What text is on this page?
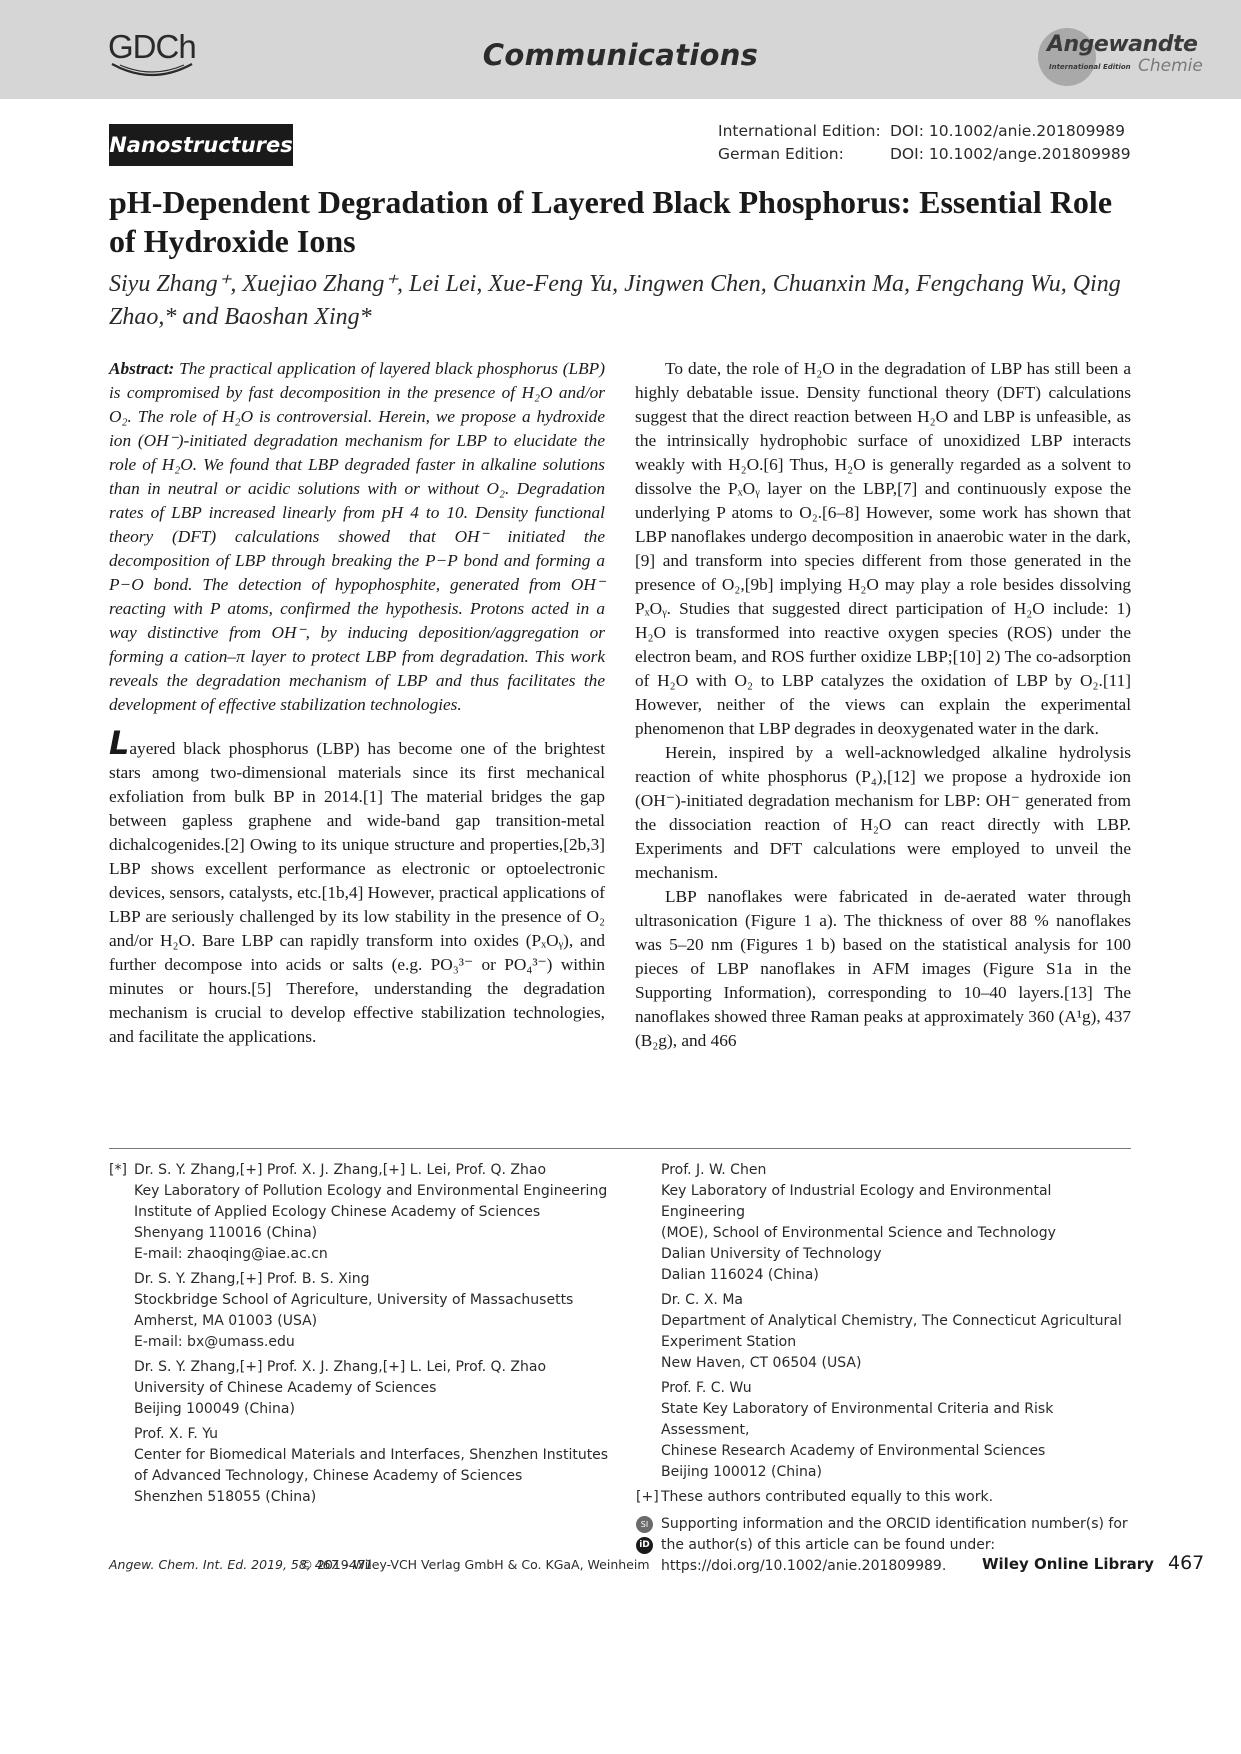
GDCh	Communications	Angewandte
International Edition Chemie
Nanostructures
International Edition: DOI: 10.1002/anie.201809989
German Edition:	DOI: 10.1002/ange.201809989
pH-Dependent Degradation of Layered Black Phosphorus: Essential Role of Hydroxide Ions
Siyu Zhang⁺, Xuejiao Zhang⁺, Lei Lei, Xue-Feng Yu, Jingwen Chen, Chuanxin Ma, Fengchang Wu, Qing Zhao,* and Baoshan Xing*

Abstract: The practical application of layered black phosphorus (LBP) is compromised by fast decomposition in the presence of H₂O and/or O₂. The role of H₂O is controversial. Herein, we propose a hydroxide ion (OH⁻)-initiated degradation mechanism for LBP to elucidate the role of H₂O. We found that LBP degraded faster in alkaline solutions than in neutral or acidic solutions with or without O₂. Degradation rates of LBP increased linearly from pH 4 to 10. Density functional theory (DFT) calculations showed that OH⁻ initiated the decomposition of LBP through breaking the P−P bond and forming a P−O bond. The detection of hypophosphite, generated from OH⁻ reacting with P atoms, confirmed the hypothesis. Protons acted in a way distinctive from OH⁻, by inducing deposition/aggregation or forming a cation–π layer to protect LBP from degradation. This work reveals the degradation mechanism of LBP and thus facilitates the development of effective stabilization technologies.

Layered black phosphorus (LBP) has become one of the brightest stars among two-dimensional materials since its first mechanical exfoliation from bulk BP in 2014.[1] The material bridges the gap between gapless graphene and wide-band gap transition-metal dichalcogenides.[2] Owing to its unique structure and properties,[2b,3] LBP shows excellent performance as electronic or optoelectronic devices, sensors, catalysts, etc.[1b,4] However, practical applications of LBP are seriously challenged by its low stability in the presence of O₂ and/or H₂O. Bare LBP can rapidly transform into oxides (PₓOᵧ), and further decompose into acids or salts (e.g. PO₃³⁻ or PO₄³⁻) within minutes or hours.[5] Therefore, understanding the degradation mechanism is crucial to develop effective stabilization technologies, and facilitate the applications.

To date, the role of H₂O in the degradation of LBP has still been a highly debatable issue. Density functional theory (DFT) calculations suggest that the direct reaction between H₂O and LBP is unfeasible, as the intrinsically hydrophobic surface of unoxidized LBP interacts weakly with H₂O.[6] Thus, H₂O is generally regarded as a solvent to dissolve the PₓOᵧ layer on the LBP,[7] and continuously expose the underlying P atoms to O₂.[6–8] However, some work has shown that LBP nanoflakes undergo decomposition in anaerobic water in the dark,[9] and transform into species different from those generated in the presence of O₂,[9b] implying H₂O may play a role besides dissolving PₓOᵧ. Studies that suggested direct participation of H₂O include: 1) H₂O is transformed into reactive oxygen species (ROS) under the electron beam, and ROS further oxidize LBP;[10] 2) The co-adsorption of H₂O with O₂ to LBP catalyzes the oxidation of LBP by O₂.[11] However, neither of the views can explain the experimental phenomenon that LBP degrades in deoxygenated water in the dark.

Herein, inspired by a well-acknowledged alkaline hydrolysis reaction of white phosphorus (P₄),[12] we propose a hydroxide ion (OH⁻)-initiated degradation mechanism for LBP: OH⁻ generated from the dissociation reaction of H₂O can react directly with LBP. Experiments and DFT calculations were employed to unveil the mechanism.

LBP nanoflakes were fabricated in de-aerated water through ultrasonication (Figure 1 a). The thickness of over 88 % nanoflakes was 5–20 nm (Figures 1 b) based on the statistical analysis for 100 pieces of LBP nanoflakes in AFM images (Figure S1a in the Supporting Information), corresponding to 10–40 layers.[13] The nanoflakes showed three Raman peaks at approximately 360 (A¹g), 437 (B₂g), and 466

[*] Dr. S. Y. Zhang,[+] Prof. X. J. Zhang,[+] L. Lei, Prof. Q. Zhao
Key Laboratory of Pollution Ecology and Environmental Engineering
Institute of Applied Ecology Chinese Academy of Sciences
Shenyang 110016 (China)
E-mail: zhaoqing@iae.ac.cn
Dr. S. Y. Zhang,[+] Prof. B. S. Xing
Stockbridge School of Agriculture, University of Massachusetts
Amherst, MA 01003 (USA)
E-mail: bx@umass.edu
Dr. S. Y. Zhang,[+] Prof. X. J. Zhang,[+] L. Lei, Prof. Q. Zhao
University of Chinese Academy of Sciences
Beijing 100049 (China)
Prof. X. F. Yu
Center for Biomedical Materials and Interfaces, Shenzhen Institutes
of Advanced Technology, Chinese Academy of Sciences
Shenzhen 518055 (China)
Prof. J. W. Chen
Key Laboratory of Industrial Ecology and Environmental Engineering
(MOE), School of Environmental Science and Technology
Dalian University of Technology
Dalian 116024 (China)
Dr. C. X. Ma
Department of Analytical Chemistry, The Connecticut Agricultural
Experiment Station
New Haven, CT 06504 (USA)
Prof. F. C. Wu
State Key Laboratory of Environmental Criteria and Risk Assessment,
Chinese Research Academy of Environmental Sciences
Beijing 100012 (China)
[+] These authors contributed equally to this work.
SI
iD
Supporting information and the ORCID identification number(s) for the author(s) of this article can be found under: https://doi.org/10.1002/anie.201809989.
Angew. Chem. Int. Ed. 2019, 58, 467 –471
© 2019 Wiley-VCH Verlag GmbH & Co. KGaA, Weinheim	Wiley Online Library 467
